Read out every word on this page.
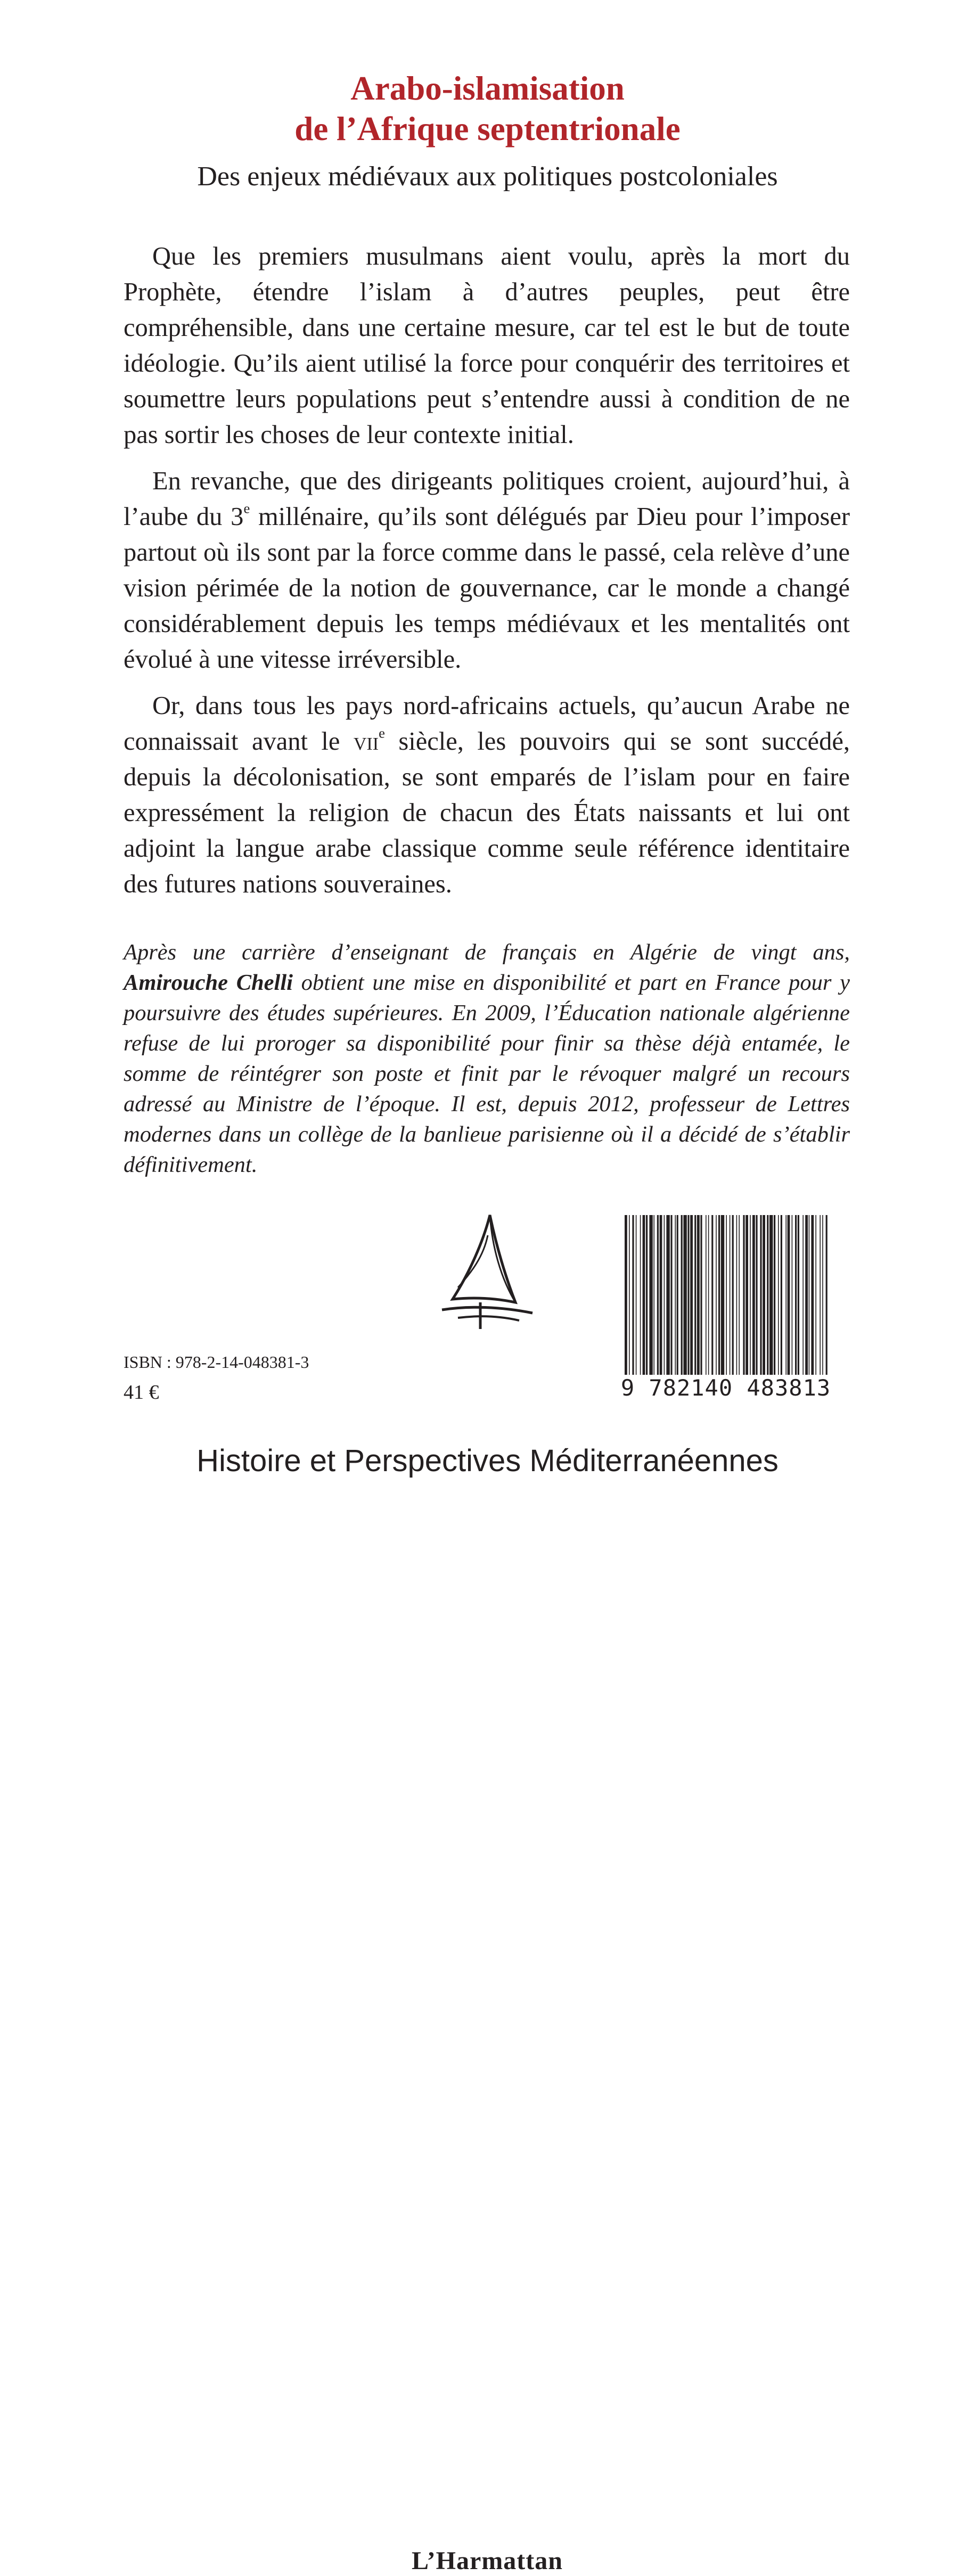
Arabo-islamisation
de l’Afrique septentrionale

Des enjeux médiévaux aux politiques postcoloniales

Que les premiers musulmans aient voulu, après la mort du Prophète, étendre l’islam à d’autres peuples, peut être compréhensible, dans une certaine mesure, car tel est le but de toute idéologie. Qu’ils aient utilisé la force pour conquérir des territoires et soumettre leurs populations peut s’entendre aussi à condition de ne pas sortir les choses de leur contexte initial.

En revanche, que des dirigeants politiques croient, aujourd’hui, à l’aube du 3e millénaire, qu’ils sont délégués par Dieu pour l’imposer partout où ils sont par la force comme dans le passé, cela relève d’une vision périmée de la notion de gouvernance, car le monde a changé considérablement depuis les temps médiévaux et les mentalités ont évolué à une vitesse irréversible.

Or, dans tous les pays nord-africains actuels, qu’aucun Arabe ne connaissait avant le vii$^e$ siècle, les pouvoirs qui se sont succédé, depuis la décolonisation, se sont emparés de l’islam pour en faire expressément la religion de chacun des États naissants et lui ont adjoint la langue arabe classique comme seule référence identitaire des futures nations souveraines.

Après une carrière d’enseignant de français en Algérie de vingt ans, Amirouche Chelli obtient une mise en disponibilité et part en France pour y poursuivre des études supérieures. En 2009, l’Éducation nationale algérienne refuse de lui proroger sa disponibilité pour finir sa thèse déjà entamée, le somme de réintégrer son poste et finit par le révoquer malgré un recours adressé au Ministre de l’époque. Il est, depuis 2012, professeur de Lettres modernes dans un collège de la banlieue parisienne où il a décidé de s’établir définitivement.

L’Harmattan
ISBN : 978-2-14-048381-3
41 €	9 782140 483813

Histoire et Perspectives Méditerranéennes
